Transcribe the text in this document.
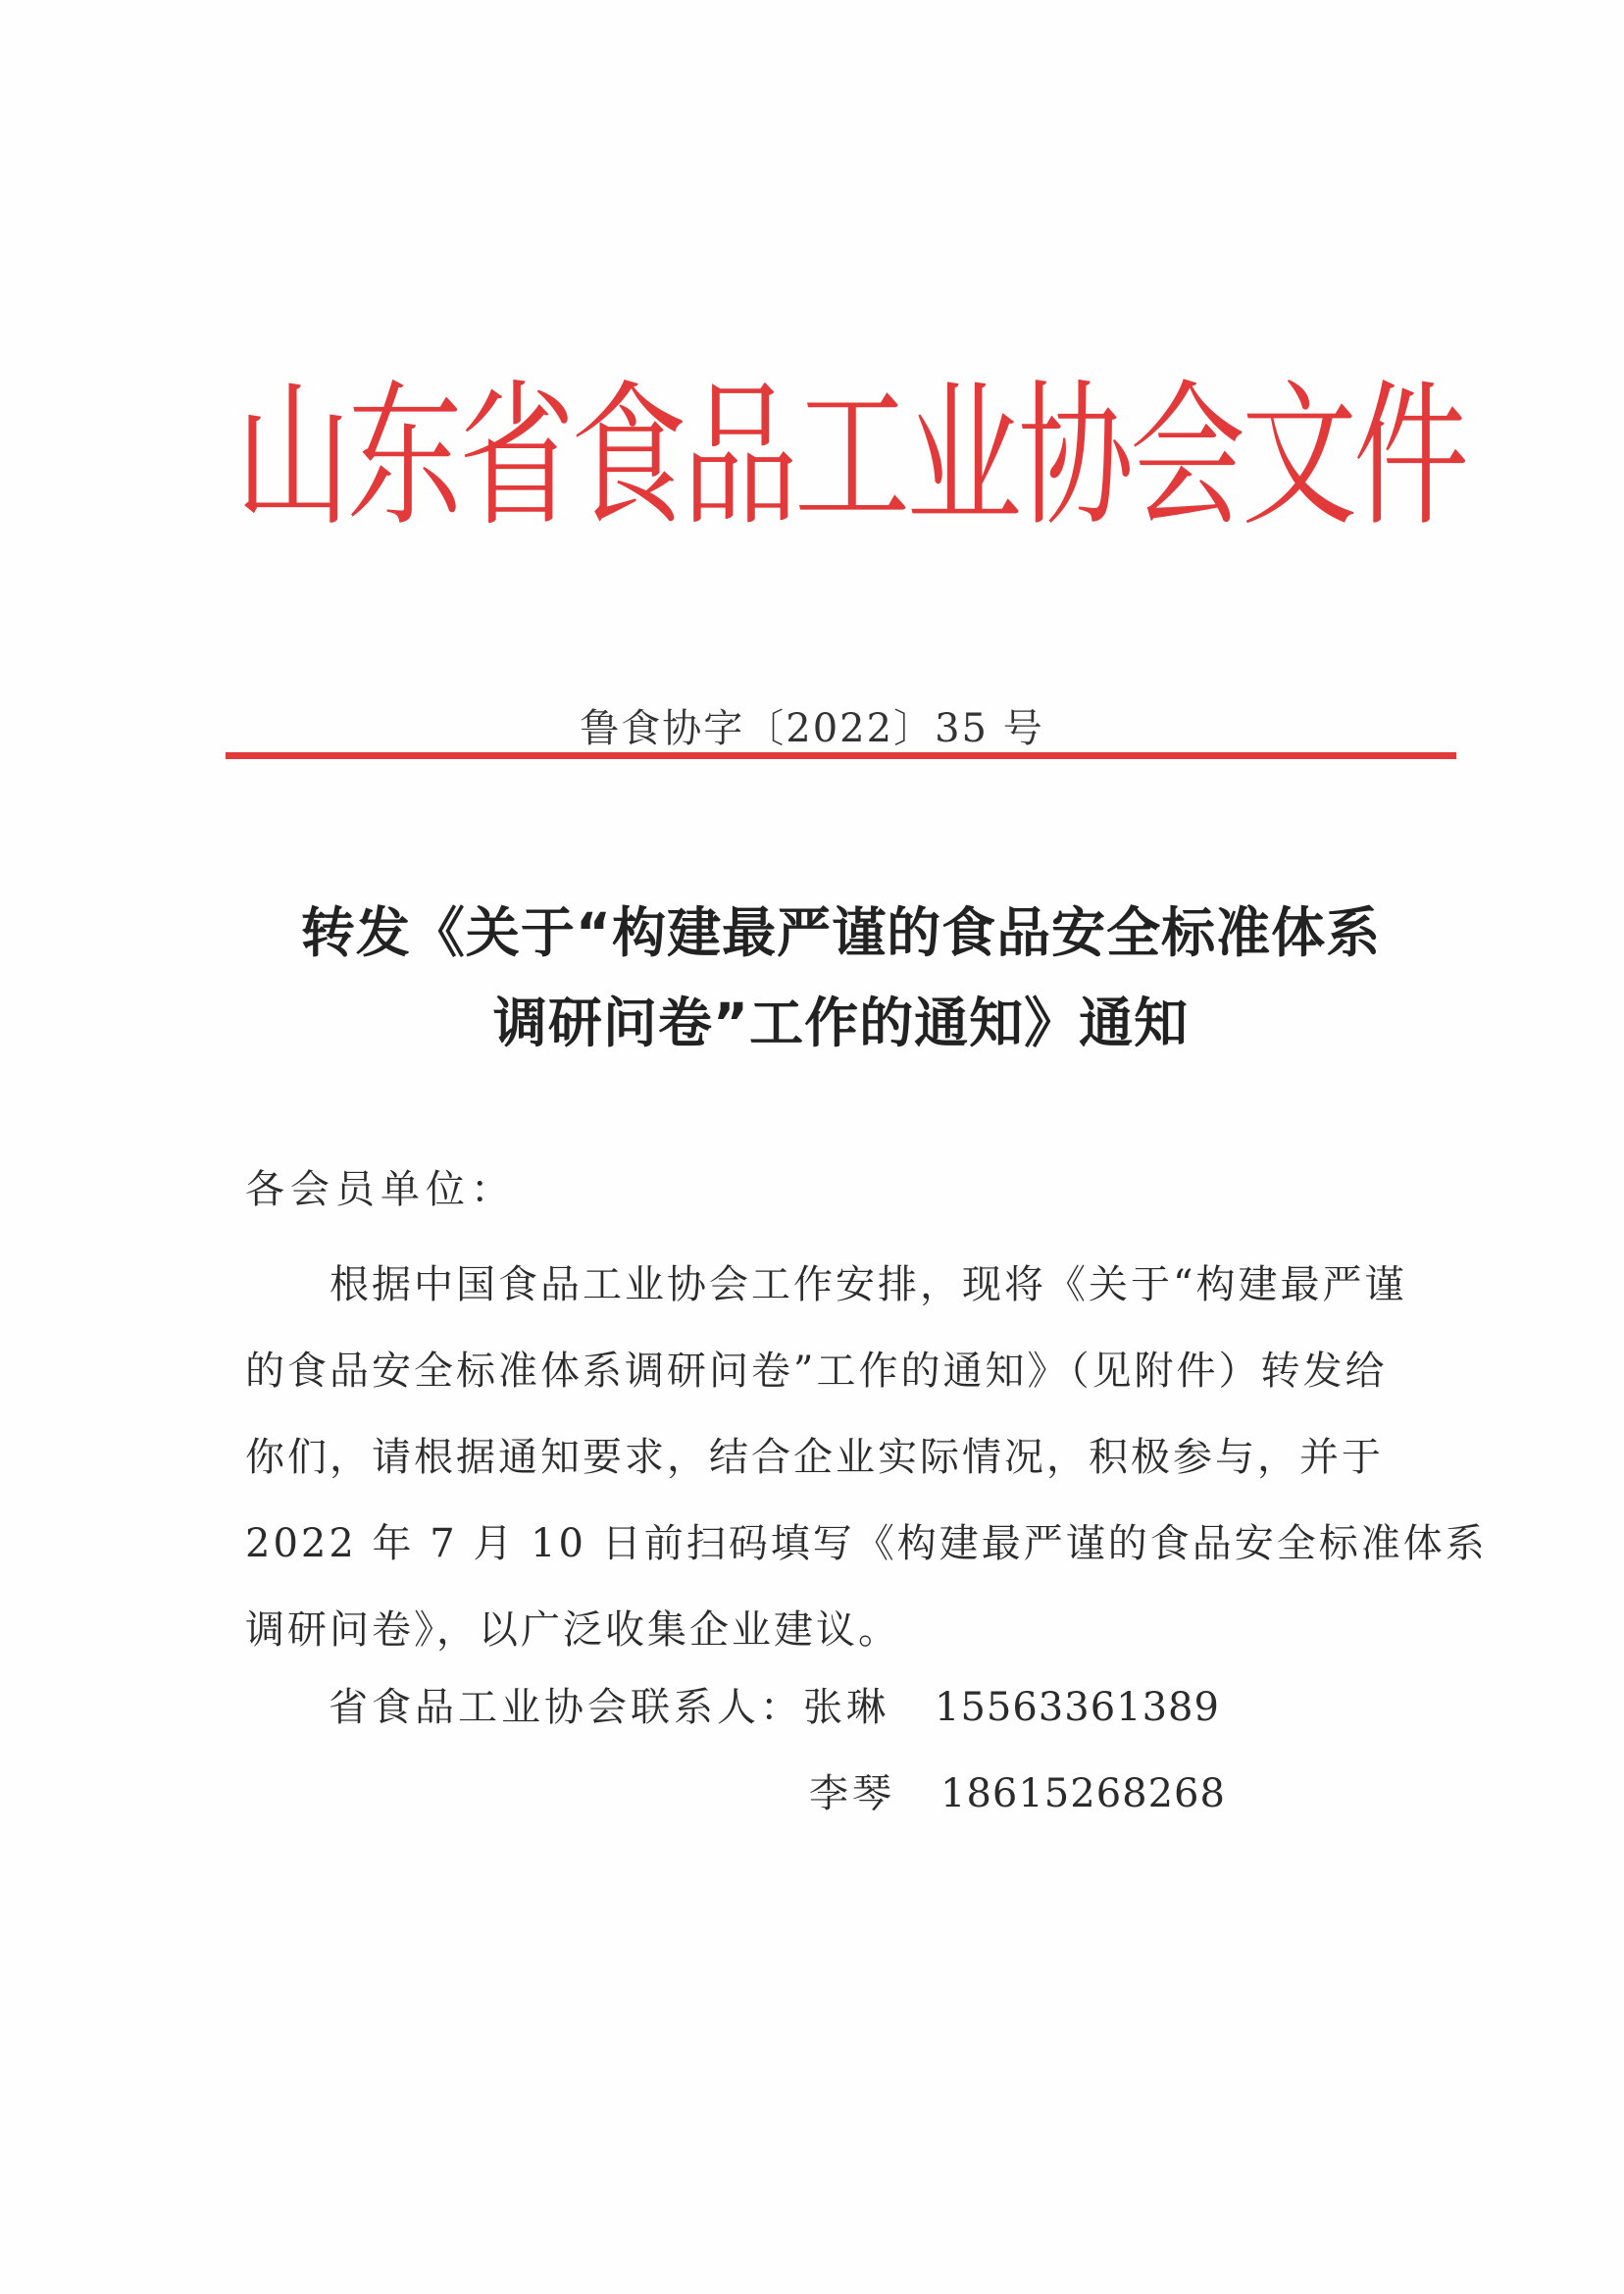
山东省食品工业协会文件
鲁食协字〔2022〕35 号
转发《关于“构建最严谨的食品安全标准体系
调研问卷”工作的通知》通知
各会员单位：
　　根据中国食品工业协会工作安排，现将《关于“构建最严谨
的食品安全标准体系调研问卷”工作的通知》（见附件）转发给
你们，请根据通知要求，结合企业实际情况，积极参与，并于
2022 年 7 月 10 日前扫码填写《构建最严谨的食品安全标准体系
调研问卷》，以广泛收集企业建议。
省食品工业协会联系人：张琳 15563361389
李琴 18615268268
